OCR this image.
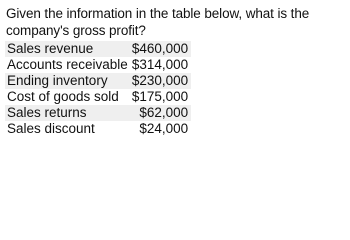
Given the information in the table below, what is the company's gross profit?

Sales revenue	$460,000
Accounts receivable	$314,000
Ending inventory	$230,000
Cost of goods sold	$175,000
Sales returns	$62,000
Sales discount	$24,000
